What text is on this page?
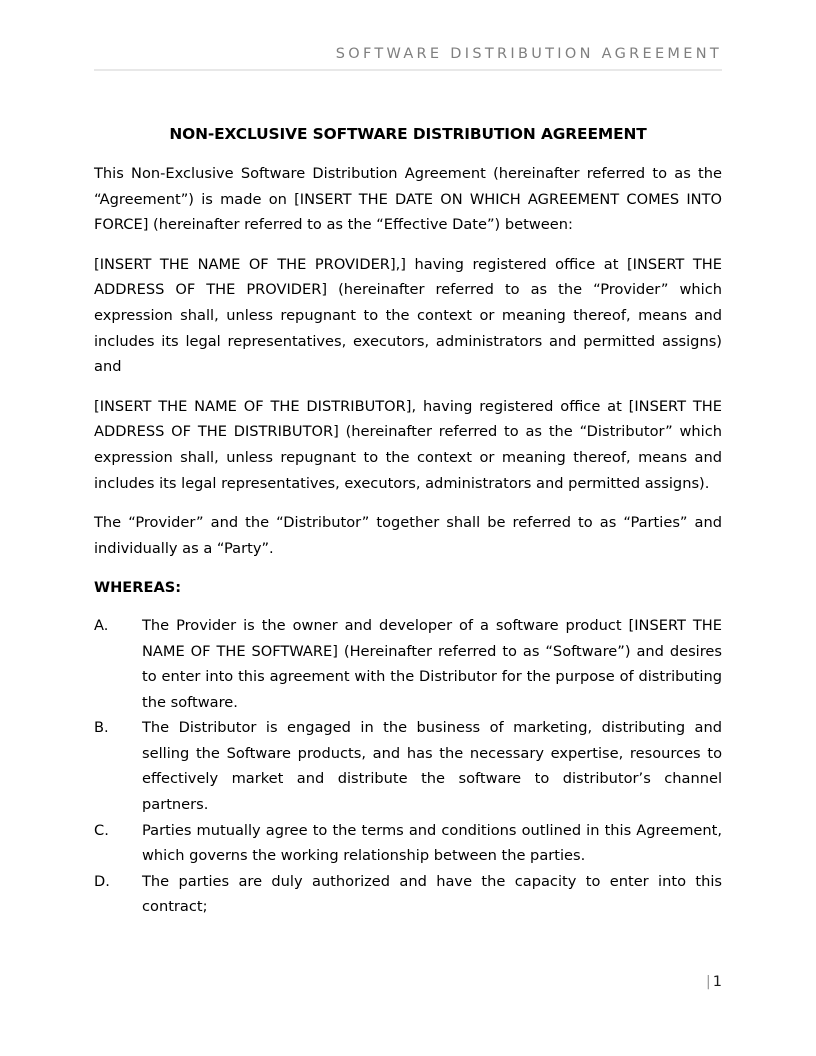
SOFTWARE DISTRIBUTION AGREEMENT
NON-EXCLUSIVE SOFTWARE DISTRIBUTION AGREEMENT

This Non-Exclusive Software Distribution Agreement (hereinafter referred to as the “Agreement”) is made on [INSERT THE DATE ON WHICH AGREEMENT COMES INTO FORCE] (hereinafter referred to as the “Effective Date”) between:

[INSERT THE NAME OF THE PROVIDER],] having registered office at [INSERT THE ADDRESS OF THE PROVIDER] (hereinafter referred to as the “Provider” which expression shall, unless repugnant to the context or meaning thereof, means and includes its legal representatives, executors, administrators and permitted assigns) and

[INSERT THE NAME OF THE DISTRIBUTOR], having registered office at [INSERT THE ADDRESS OF THE DISTRIBUTOR] (hereinafter referred to as the “Distributor” which expression shall, unless repugnant to the context or meaning thereof, means and includes its legal representatives, executors, administrators and permitted assigns).

The “Provider” and the “Distributor” together shall be referred to as “Parties” and individually as a “Party”.

WHEREAS:
A.	The Provider is the owner and developer of a software product [INSERT THE NAME OF THE SOFTWARE] (Hereinafter referred to as “Software”) and desires to enter into this agreement with the Distributor for the purpose of distributing the software.
B.	The Distributor is engaged in the business of marketing, distributing and selling the Software products, and has the necessary expertise, resources to effectively market and distribute the software to distributor’s channel partners.
C.	Parties mutually agree to the terms and conditions outlined in this Agreement, which governs the working relationship between the parties.
D.	The parties are duly authorized and have the capacity to enter into this contract;
| 1
